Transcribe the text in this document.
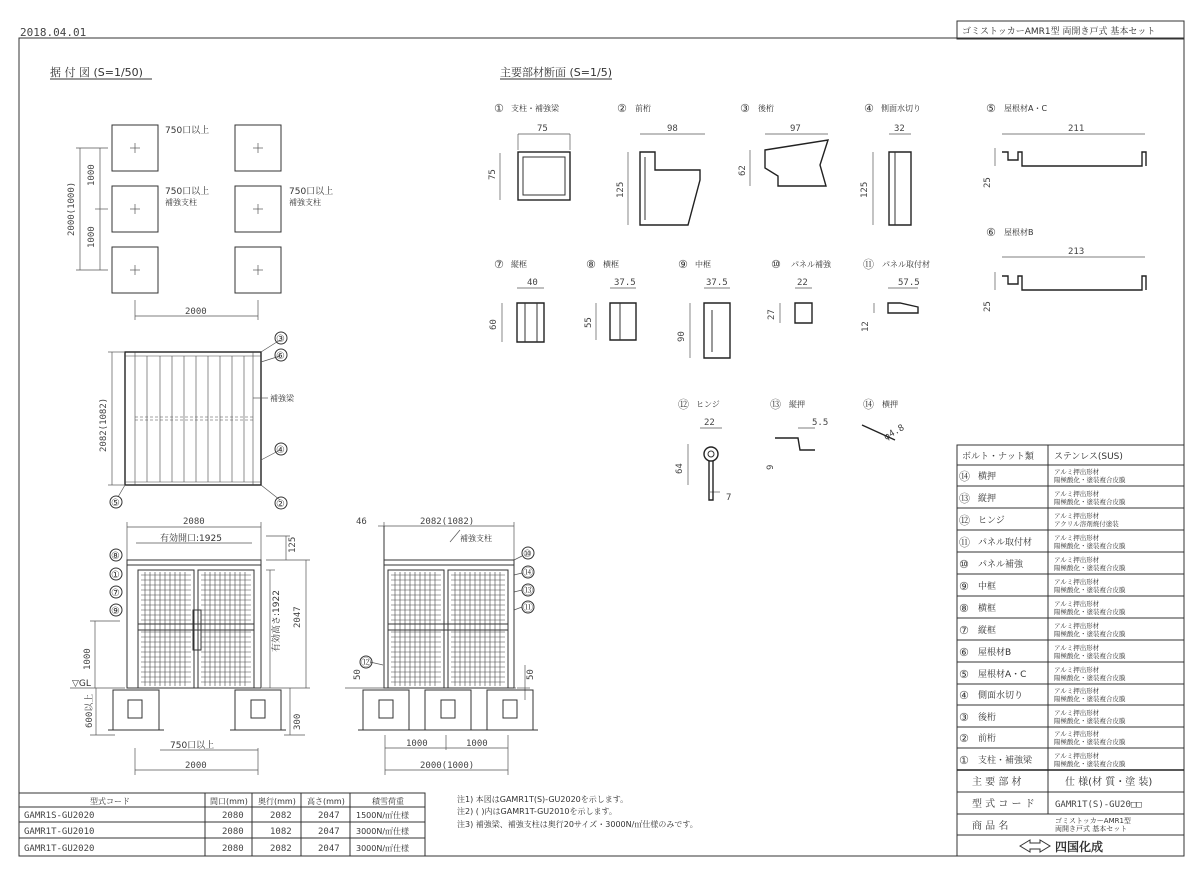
2018.04.01	ゴミストッカーAMR1型 両開き戸式 基本セット
据 付 図 (S=1/50)	主要部材断面 (S=1/5)
2000
1000
1000
2000(1000)
750口以上
750口以上	750口以上
補強支柱	補強支柱
2082(1082)	補強梁
③
⑥
④
⑤	②
2080
有効開口:1925	125
2047
有効高さ:1922
▽GL
1000
600以上	300
750口以上
2000
⑧
①
⑦
⑨
46	2082(1082)
補強支柱
50	50
1000	1000
2000(1000)
⑩
⑭
⑬
⑪
⑫
① 支柱・補強梁
75
75
② 前桁
98
125
③ 後桁
97
62
④ 側面水切り
32
125
⑤ 屋根材A・C
211
25
⑥ 屋根材B
213
25
⑦ 縦框
40
60
⑧ 横框
37.5
55
⑨ 中框
37.5
90
⑩ パネル補強
22
27
⑪ パネル取付材
57.5
12
⑫ ヒンジ
22
64
7
⑬ 縦押
5.5
9
⑭ 横押
φ4.8
ボルト・ナット類 ステンレス(SUS)
⑭ 横押	アルミ押出形材
陽極酸化・塗装複合皮膜
⑬ 縦押	アルミ押出形材
陽極酸化・塗装複合皮膜
⑫ ヒンジ	アルミ押出形材
アクリル溶剤焼付塗装
⑪ パネル取付材	アルミ押出形材
陽極酸化・塗装複合皮膜
⑩ パネル補強	アルミ押出形材
陽極酸化・塗装複合皮膜
⑨ 中框	アルミ押出形材
陽極酸化・塗装複合皮膜
⑧ 横框	アルミ押出形材
陽極酸化・塗装複合皮膜
⑦ 縦框	アルミ押出形材
陽極酸化・塗装複合皮膜
⑥ 屋根材B	アルミ押出形材
陽極酸化・塗装複合皮膜
⑤ 屋根材A・C	アルミ押出形材
陽極酸化・塗装複合皮膜
④ 側面水切り	アルミ押出形材
陽極酸化・塗装複合皮膜
③ 後桁	アルミ押出形材
陽極酸化・塗装複合皮膜
② 前桁	アルミ押出形材
陽極酸化・塗装複合皮膜
① 支柱・補強梁	アルミ押出形材
陽極酸化・塗装複合皮膜
主 要 部 材	仕 様(材 質・塗 装)
型 式 コ ー ド GAMR1T(S)-GU20□□
商 品 名	ゴミストッカーAMR1型
両開き戸式 基本セット
四国化成
型式コード	間口(mm) 奥行(mm) 高さ(mm)	積雪荷重
GAMR1S-GU2020	2080	2082	2047 1500N/㎡仕様
GAMR1T-GU2010	2080	1082	2047 3000N/㎡仕様
GAMR1T-GU2020	2080	2082	2047 3000N/㎡仕様
注1) 本図はGAMR1T(S)-GU2020を示します。
注2) ( )内はGAMR1T-GU2010を示します。
注3) 補強梁、補強支柱は奥行20サイズ・3000N/㎡仕様のみです。
